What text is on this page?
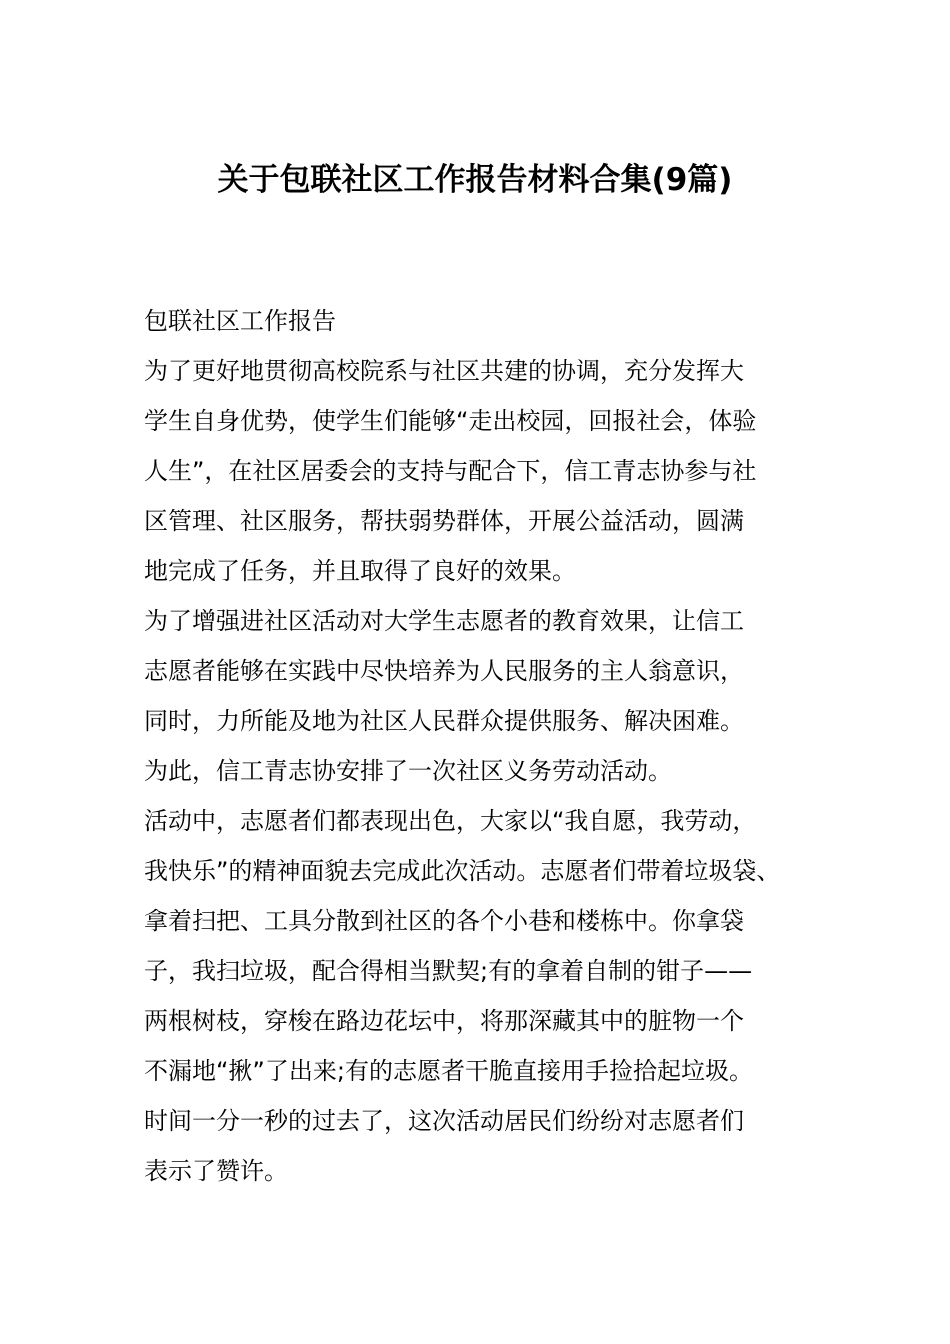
关于包联社区工作报告材料合集(9篇)
包联社区工作报告
为了更好地贯彻高校院系与社区共建的协调，充分发挥大
学生自身优势，使学生们能够“走出校园，回报社会，体验
人生”，在社区居委会的支持与配合下，信工青志协参与社
区管理、社区服务，帮扶弱势群体，开展公益活动，圆满
地完成了任务，并且取得了良好的效果。
为了增强进社区活动对大学生志愿者的教育效果，让信工
志愿者能够在实践中尽快培养为人民服务的主人翁意识，
同时，力所能及地为社区人民群众提供服务、解决困难。
为此，信工青志协安排了一次社区义务劳动活动。
活动中，志愿者们都表现出色，大家以“我自愿，我劳动，
我快乐”的精神面貌去完成此次活动。志愿者们带着垃圾袋、
拿着扫把、工具分散到社区的各个小巷和楼栋中。你拿袋
子，我扫垃圾，配合得相当默契;有的拿着自制的钳子——
两根树枝，穿梭在路边花坛中，将那深藏其中的脏物一个
不漏地“揪”了出来;有的志愿者干脆直接用手捡拾起垃圾。
时间一分一秒的过去了，这次活动居民们纷纷对志愿者们
表示了赞许。
